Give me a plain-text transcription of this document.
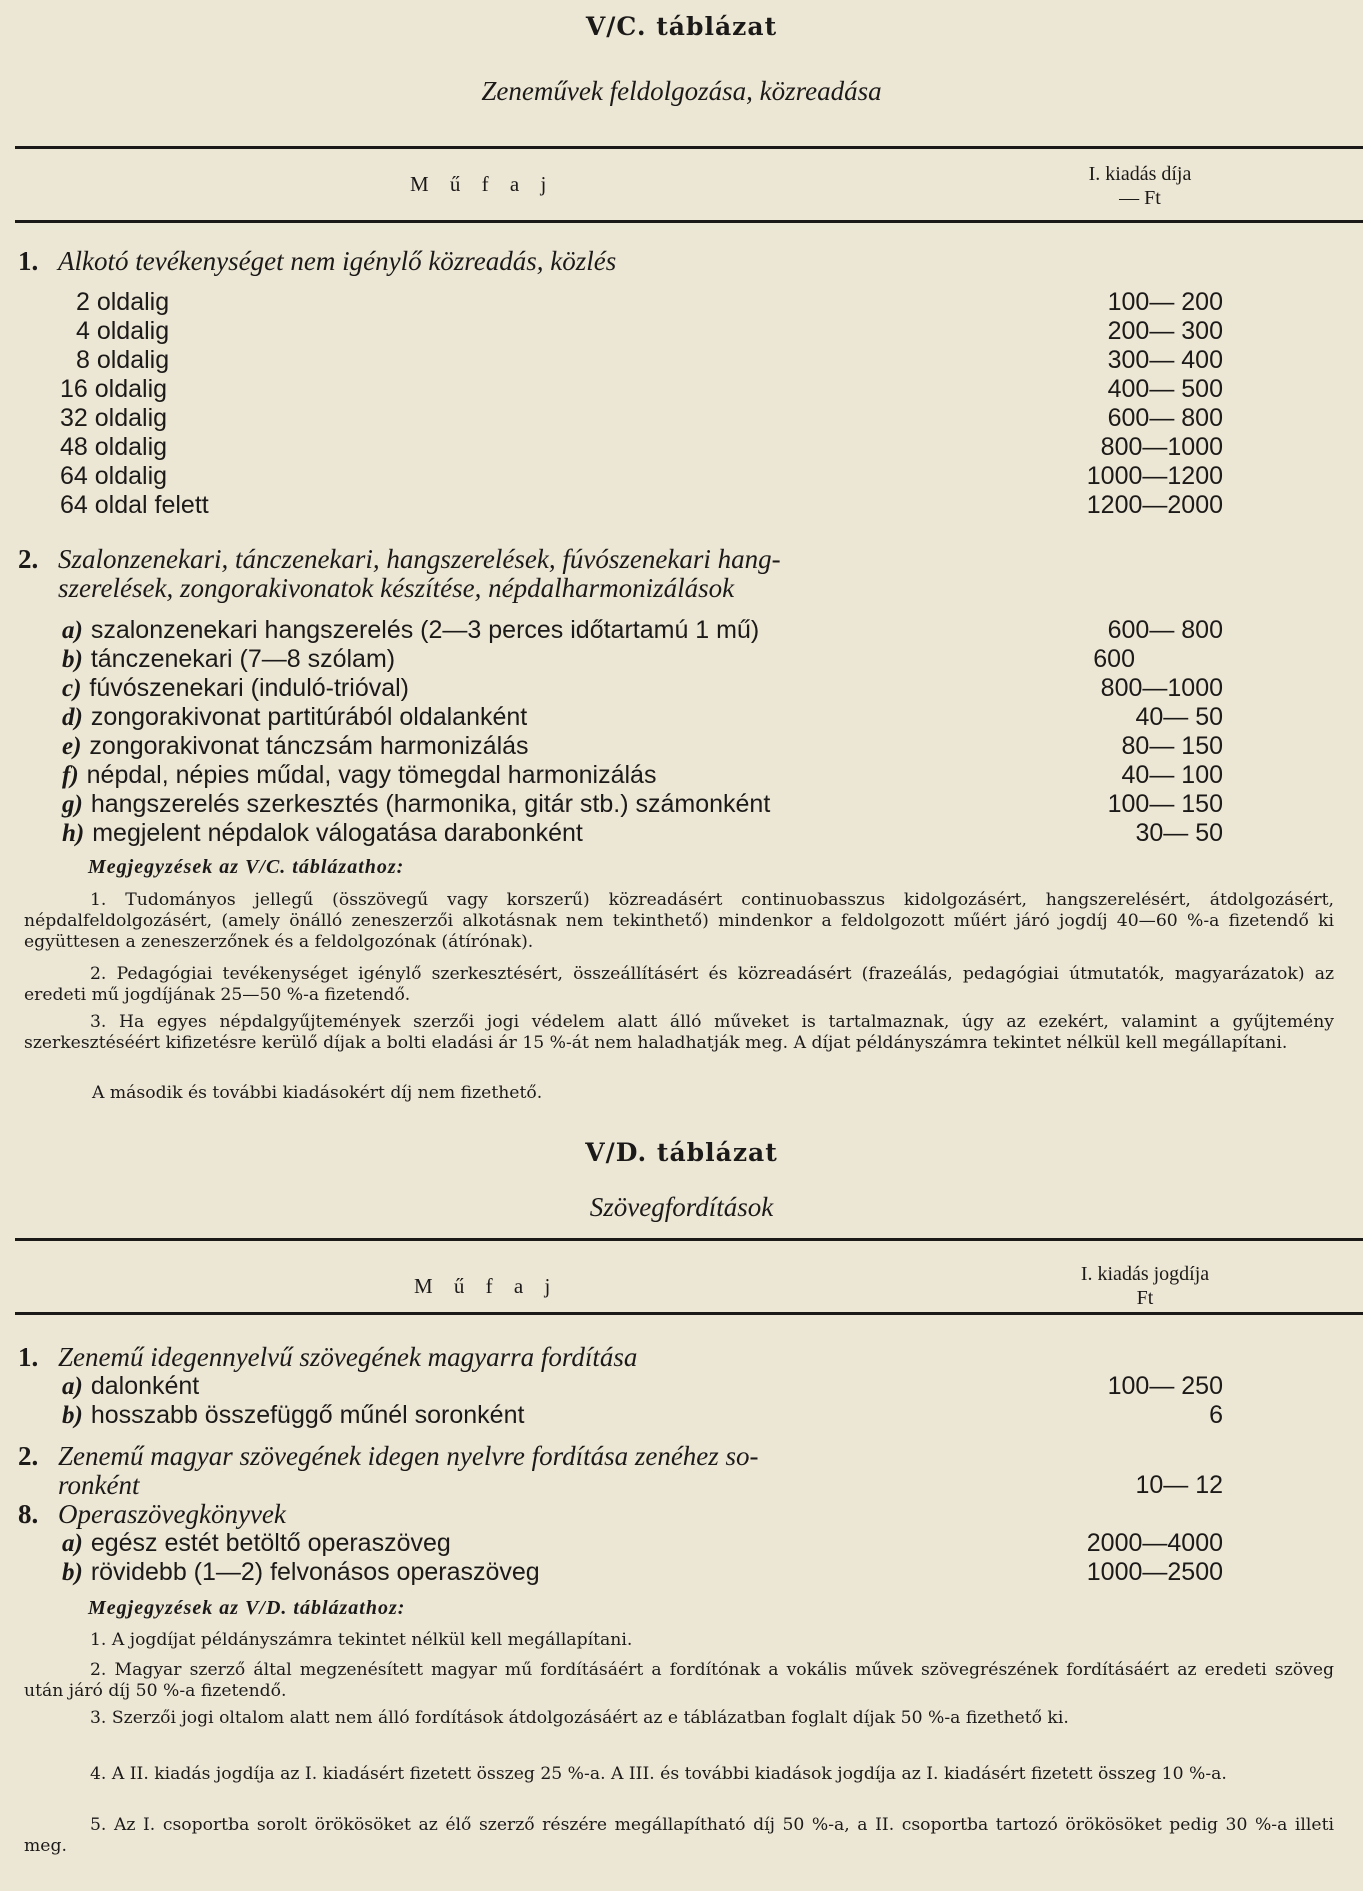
V/C. táblázat
Zeneművek feldolgozása, közreadása
M ű f a j	I. kiadás díja
— Ft
1. Alkotó tevékenységet nem igénylő közreadás, közlés
2 oldalig	100— 200
4 oldalig	200— 300
8 oldalig	300— 400
16 oldalig	400— 500
32 oldalig	600— 800
48 oldalig	800—1000
64 oldalig	1000—1200
64 oldal felett	1200—2000
2. Szalonzenekari, tánczenekari, hangszerelések, fúvószenekari hang-
szerelések, zongorakivonatok készítése, népdalharmonizálások
a) szalonzenekari hangszerelés (2—3 perces időtartamú 1 mű)	600— 800
b) tánczenekari (7—8 szólam)	600
c) fúvószenekari (induló-trióval)	800—1000
d) zongorakivonat partitúrából oldalanként	40— 50
e) zongorakivonat tánczsám harmonizálás	80— 150
f) népdal, népies műdal, vagy tömegdal harmonizálás	40— 100
g) hangszerelés szerkesztés (harmonika, gitár stb.) számonként	100— 150
h) megjelent népdalok válogatása darabonként	30— 50
Megjegyzések az V/C. táblázathoz:
1. Tudományos jellegű (összövegű vagy korszerű) közreadásért continuobasszus kidolgozásért, hangszerelésért, átdolgozásért, népdalfeldolgozásért, (amely önálló zeneszerzői alkotásnak nem tekinthető) mindenkor a feldolgozott műért járó jogdíj 40—60 %-a fizetendő ki együttesen a zeneszerzőnek és a feldolgozónak (átírónak).
2. Pedagógiai tevékenységet igénylő szerkesztésért, összeállításért és közreadásért (frazeálás, pedagógiai útmutatók, magyarázatok) az eredeti mű jogdíjának 25—50 %-a fizetendő.
3. Ha egyes népdalgyűjtemények szerzői jogi védelem alatt álló műveket is tartalmaznak, úgy az ezekért, valamint a gyűjtemény szerkesztéséért kifizetésre kerülő díjak a bolti eladási ár 15 %-át nem haladhatják meg. A díjat példányszámra tekintet nélkül kell megállapítani.
A második és további kiadásokért díj nem fizethető.
V/D. táblázat
Szövegfordítások
M ű f a j	I. kiadás jogdíja
Ft
1. Zenemű idegennyelvű szövegének magyarra fordítása
a) dalonként	100— 250
b) hosszabb összefüggő műnél soronként	6
2. Zenemű magyar szövegének idegen nyelvre fordítása zenéhez so-
ronként	10— 12
8. Operaszövegkönyvek
a) egész estét betöltő operaszöveg	2000—4000
b) rövidebb (1—2) felvonásos operaszöveg	1000—2500
Megjegyzések az V/D. táblázathoz:
1. A jogdíjat példányszámra tekintet nélkül kell megállapítani.
2. Magyar szerző által megzenésített magyar mű fordításáért a fordítónak a vokális művek szövegrészének fordításáért az eredeti szöveg után járó díj 50 %-a fizetendő.
3. Szerzői jogi oltalom alatt nem álló fordítások átdolgozásáért az e táblázatban foglalt díjak 50 %-a fizethető ki.
4. A II. kiadás jogdíja az I. kiadásért fizetett összeg 25 %-a. A III. és további kiadások jogdíja az I. kiadásért fizetett összeg 10 %-a.
5. Az I. csoportba sorolt örökösöket az élő szerző részére megállapítható díj 50 %-a, a II. csoportba tartozó örökösöket pedig 30 %-a illeti meg.
